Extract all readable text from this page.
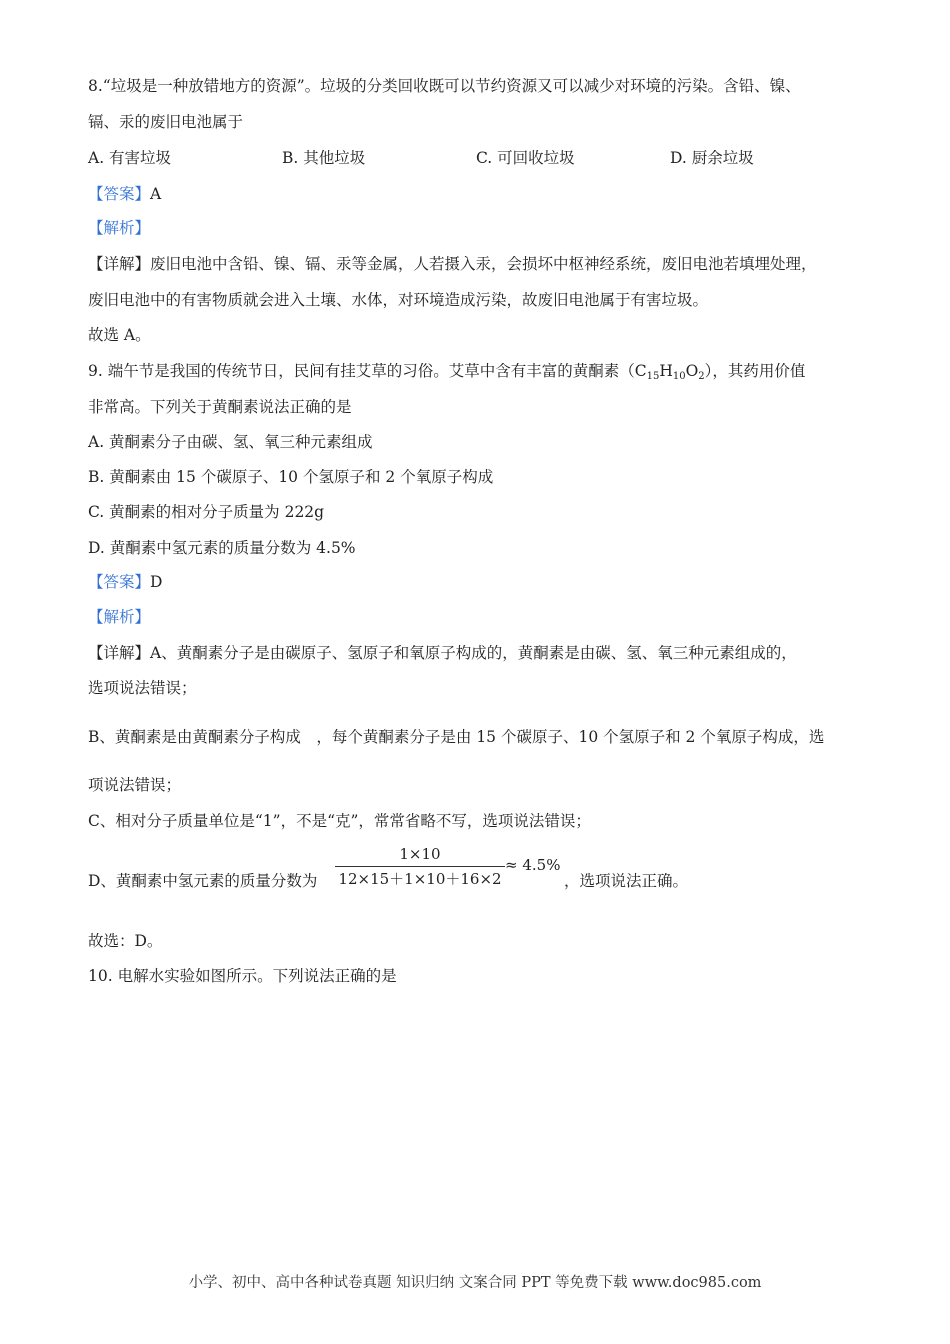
8.“垃圾是一种放错地方的资源”。垃圾的分类回收既可以节约资源又可以减少对环境的污染。含铅、镍、
镉、汞的废旧电池属于
A. 有害垃圾	B. 其他垃圾	C. 可回收垃圾	D. 厨余垃圾
【答案】A
【解析】
【详解】废旧电池中含铅、镍、镉、汞等金属，人若摄入汞，会损坏中枢神经系统，废旧电池若填埋处理，
废旧电池中的有害物质就会进入土壤、水体，对环境造成污染，故废旧电池属于有害垃圾。
故选 A。
9. 端午节是我国的传统节日，民间有挂艾草的习俗。艾草中含有丰富的黄酮素$(C_{15}H_{10}O_2)$，其药用价值
非常高。下列关于黄酮素说法正确的是
A. 黄酮素分子由碳、氢、氧三种元素组成
B. 黄酮素由 15 个碳原子、10 个氢原子和 2 个氧原子构成
C. 黄酮素的相对分子质量为 222g
D. 黄酮素中氢元素的质量分数为 4.5%
【答案】D
【解析】
【详解】A、黄酮素分子是由碳原子、氢原子和氧原子构成的，黄酮素是由碳、氢、氧三种元素组成的，
选项说法错误；
B、黄酮素是由黄酮素分子构成　，每个黄酮素分子是由 15 个碳原子、10 个氢原子和 2 个氧原子构成，选
项说法错误；
C、相对分子质量单位是“1”，不是“克”，常常省略不写，选项说法错误；
D、黄酮素中氢元素的质量分数为
1×10
12×15＋1×10＋16×2
≈ 4.5%
，选项说法正确。
故选：D。
10. 电解水实验如图所示。下列说法正确的是
小学、初中、高中各种试卷真题 知识归纳 文案合同 PPT 等免费下载 www.doc985.com
